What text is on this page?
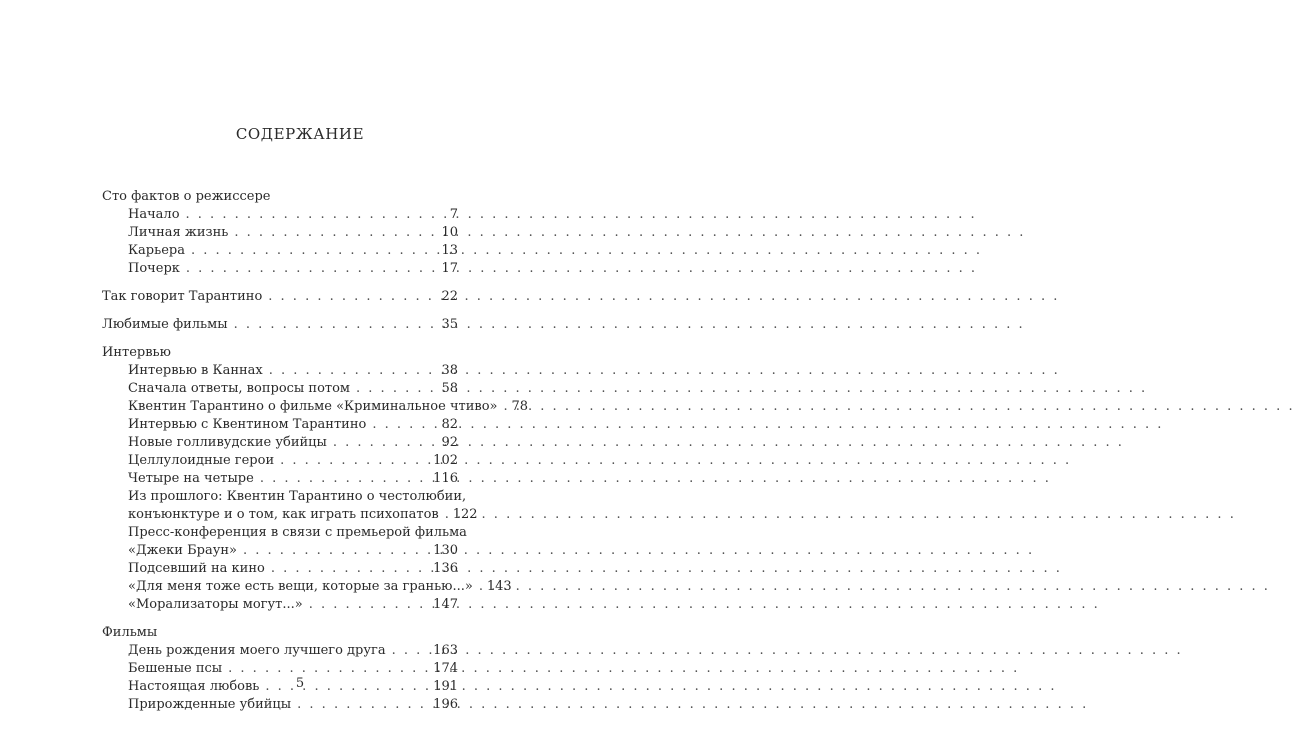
СОДЕРЖАНИЕ
Сто фактов о режиссере
Начало . . .	7
Личная жизнь . . .	10
Карьера . . .	13
Почерк . . .	17
Так говорит Тарантино . . .	22
Любимые фильмы . . .	35
Интервью
Интервью в Каннах . . .	38
Сначала ответы, вопросы потом . . .	58
Квентин Тарантино о фильме «Криминальное чтиво» . . . 78
Интервью с Квентином Тарантино . . .	82
Новые голливудские убийцы . . .	92
Целлулоидные герои . . .	102
Четыре на четыре . . .	116
Из прошлого: Квентин Тарантино о честолюбии,
конъюнктуре и о том, как играть психопатов . . . 122
Пресс-конференция в связи с премьерой фильма
«Джеки Браун» . . .	130
Подсевший на кино . . .	136
«Для меня тоже есть вещи, которые за гранью...» . . . 143
«Морализаторы могут...» . . .	147
Фильмы
День рождения моего лучшего друга . . .	163
Бешеные псы . . .	174
Настоящая любовь . . .	191
Прирожденные убийцы . . .	196
5
